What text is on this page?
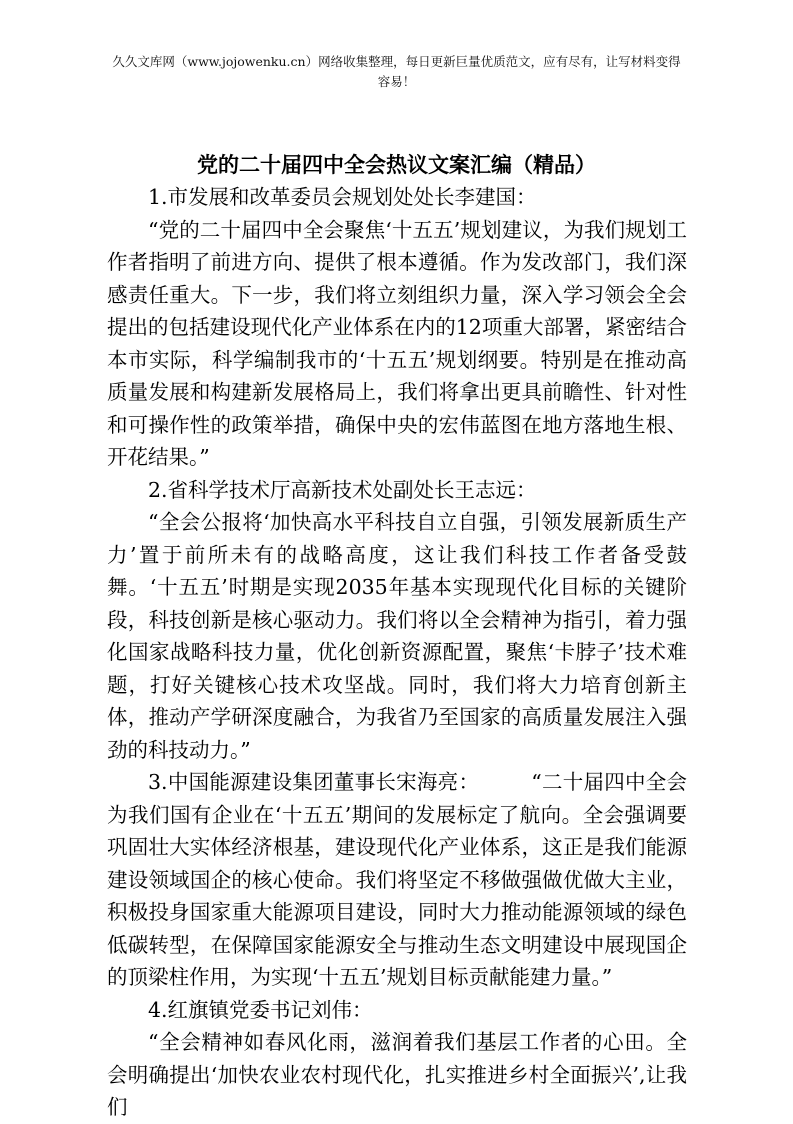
久久文库网（www.jojowenku.cn）网络收集整理，每日更新巨量优质范文，应有尽有，让写材料变得
容易！
党的二十届四中全会热议文案汇编（精品）

1.市发展和改革委员会规划处处长李建国：

“党的二十届四中全会聚焦‘十五五’规划建议，为我们规划工作者指明了前进方向、提供了根本遵循。作为发改部门，我们深感责任重大。下一步，我们将立刻组织力量，深入学习领会全会提出的包括建设现代化产业体系在内的12项重大部署，紧密结合本市实际，科学编制我市的‘十五五’规划纲要。特别是在推动高质量发展和构建新发展格局上，我们将拿出更具前瞻性、针对性和可操作性的政策举措，确保中央的宏伟蓝图在地方落地生根、开花结果。”

2.省科学技术厅高新技术处副处长王志远：

“全会公报将‘加快高水平科技自立自强，引领发展新质生产力’置于前所未有的战略高度，这让我们科技工作者备受鼓舞。‘十五五’时期是实现2035年基本实现现代化目标的关键阶段，科技创新是核心驱动力。我们将以全会精神为指引，着力强化国家战略科技力量，优化创新资源配置，聚焦‘卡脖子’技术难题，打好关键核心技术攻坚战。同时，我们将大力培育创新主体，推动产学研深度融合，为我省乃至国家的高质量发展注入强劲的科技动力。”

3.中国能源建设集团董事长宋海亮：	“二十届四中全会为我们国有企业在‘十五五’期间的发展标定了航向。全会强调要巩固壮大实体经济根基，建设现代化产业体系，这正是我们能源建设领域国企的核心使命。我们将坚定不移做强做优做大主业，积极投身国家重大能源项目建设，同时大力推动能源领域的绿色低碳转型，在保障国家能源安全与推动生态文明建设中展现国企的顶梁柱作用，为实现‘十五五’规划目标贡献能建力量。”

4.红旗镇党委书记刘伟：

“全会精神如春风化雨，滋润着我们基层工作者的心田。全会明确提出‘加快农业农村现代化，扎实推进乡村全面振兴’,让我们
